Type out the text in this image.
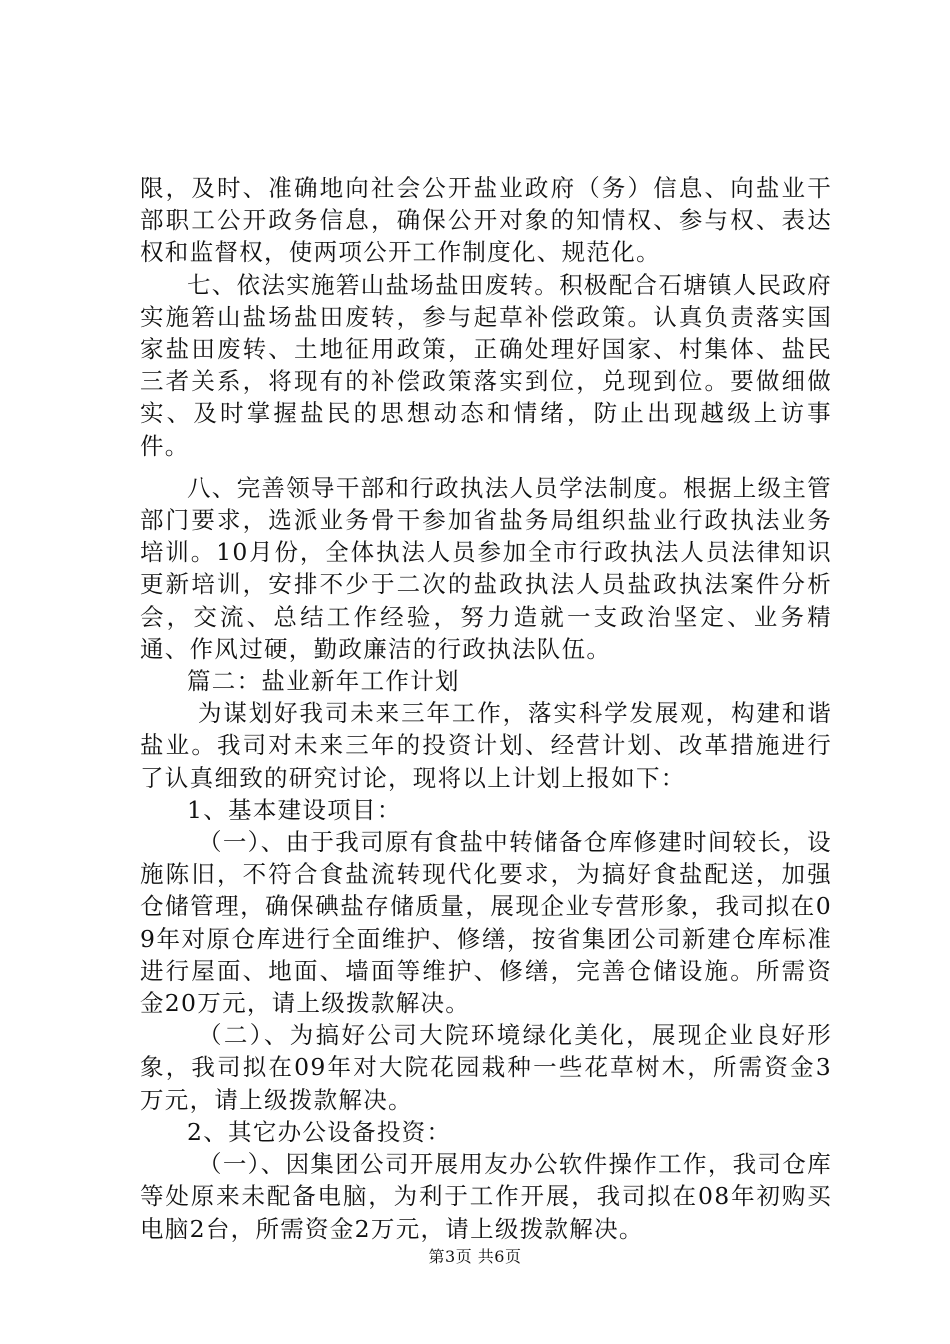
限，及时、准确地向社会公开盐业政府（务）信息、向盐业干部职工公开政务信息，确保公开对象的知情权、参与权、表达权和监督权，使两项公开工作制度化、规范化。

七、依法实施箬山盐场盐田废转。积极配合石塘镇人民政府实施箬山盐场盐田废转，参与起草补偿政策。认真负责落实国家盐田废转、土地征用政策，正确处理好国家、村集体、盐民三者关系，将现有的补偿政策落实到位，兑现到位。要做细做实、及时掌握盐民的思想动态和情绪，防止出现越级上访事件。

八、完善领导干部和行政执法人员学法制度。根据上级主管部门要求，选派业务骨干参加省盐务局组织盐业行政执法业务培训。10月份，全体执法人员参加全市行政执法人员法律知识更新培训，安排不少于二次的盐政执法人员盐政执法案件分析会，交流、总结工作经验，努力造就一支政治坚定、业务精通、作风过硬，勤政廉洁的行政执法队伍。

篇二：盐业新年工作计划

为谋划好我司未来三年工作，落实科学发展观，构建和谐盐业。我司对未来三年的投资计划、经营计划、改革措施进行了认真细致的研究讨论，现将以上计划上报如下：

1、基本建设项目：

（一）、由于我司原有食盐中转储备仓库修建时间较长，设施陈旧，不符合食盐流转现代化要求，为搞好食盐配送，加强仓储管理，确保碘盐存储质量，展现企业专营形象，我司拟在09年对原仓库进行全面维护、修缮，按省集团公司新建仓库标准进行屋面、地面、墙面等维护、修缮，完善仓储设施。所需资金20万元，请上级拨款解决。

（二）、为搞好公司大院环境绿化美化，展现企业良好形象，我司拟在09年对大院花园栽种一些花草树木，所需资金3万元，请上级拨款解决。

2、其它办公设备投资：

（一）、因集团公司开展用友办公软件操作工作，我司仓库等处原来未配备电脑，为利于工作开展，我司拟在08年初购买电脑2台，所需资金2万元，请上级拨款解决。

第3页 共6页
